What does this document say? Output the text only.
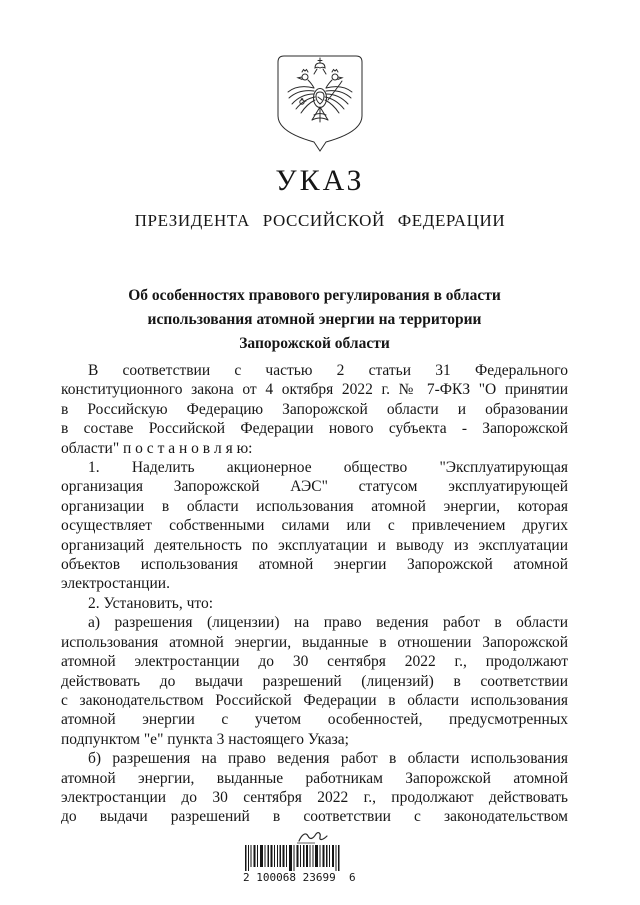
УКАЗ
ПРЕЗИДЕНТА РОССИЙСКОЙ ФЕДЕРАЦИИ
Об особенностях правового регулирования в области
использования атомной энергии на территории
Запорожской области
В соответствии с частью 2 статьи 31 Федерального
конституционного закона от 4 октября 2022 г. № 7-ФКЗ "О принятии
в Российскую Федерацию Запорожской области и образовании
в составе Российской Федерации нового субъекта - Запорожской
области" п о с т а н о в л я ю:
1. Наделить акционерное общество "Эксплуатирующая
организация Запорожской АЭС" статусом эксплуатирующей
организации в области использования атомной энергии, которая
осуществляет собственными силами или с привлечением других
организаций деятельность по эксплуатации и выводу из эксплуатации
объектов использования атомной энергии Запорожской атомной
электростанции.
2. Установить, что:
а) разрешения (лицензии) на право ведения работ в области
использования атомной энергии, выданные в отношении Запорожской
атомной электростанции до 30 сентября 2022 г., продолжают
действовать до выдачи разрешений (лицензий) в соответствии
с законодательством Российской Федерации в области использования
атомной энергии с учетом особенностей, предусмотренных
подпунктом "е" пункта 3 настоящего Указа;
б) разрешения на право ведения работ в области использования
атомной энергии, выданные работникам Запорожской атомной
электростанции до 30 сентября 2022 г., продолжают действовать
до выдачи разрешений в соответствии с законодательством
2 100068 23699  6
